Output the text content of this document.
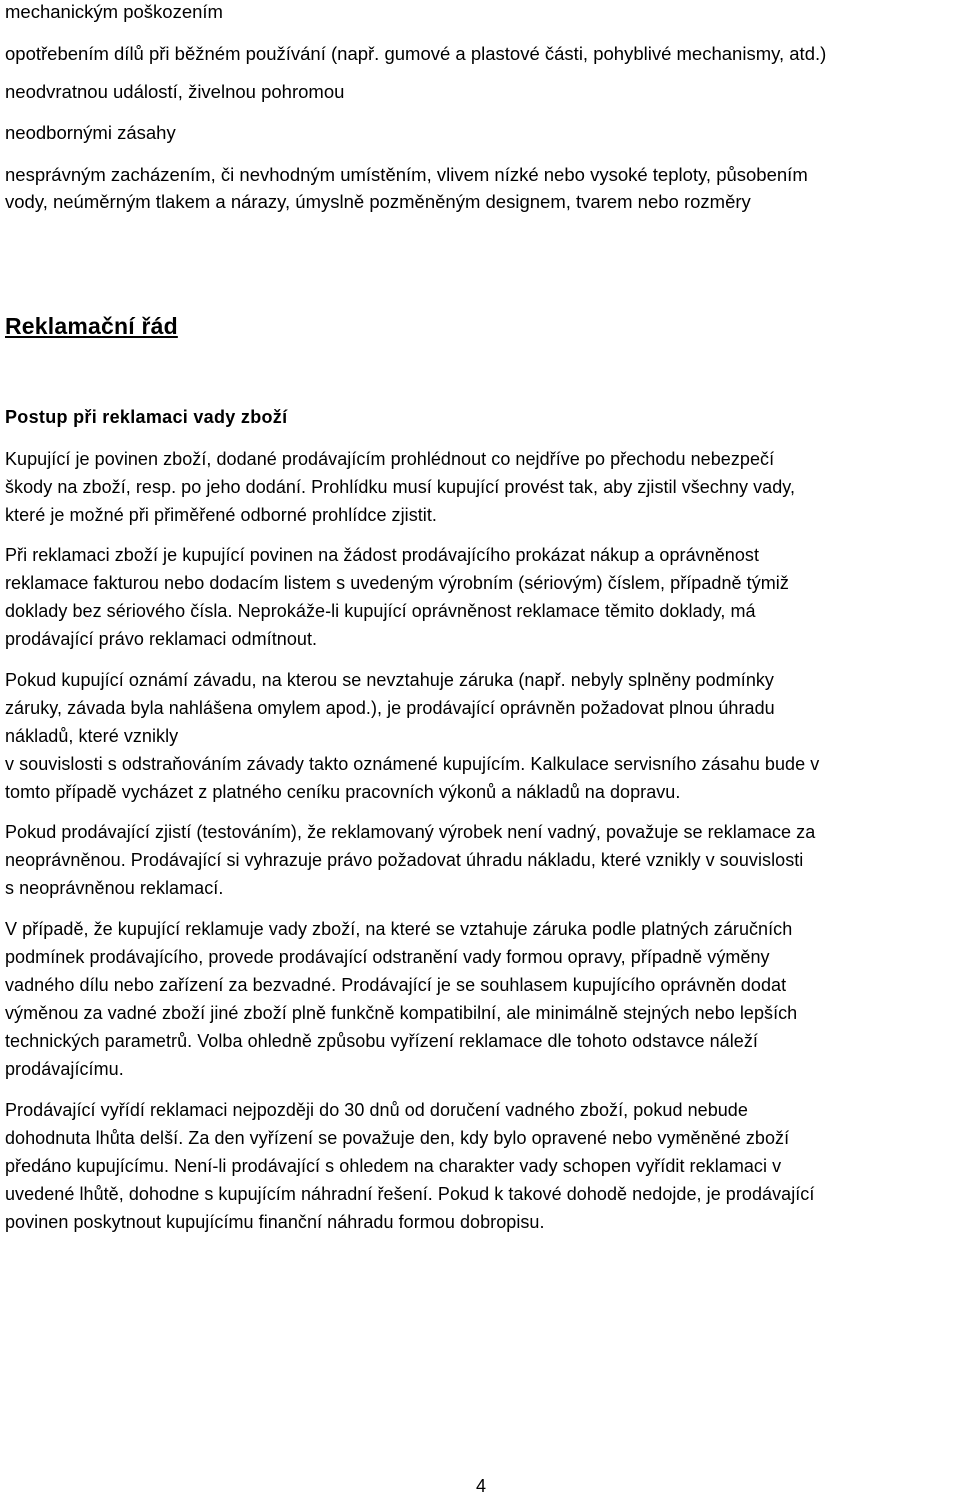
mechanickým poškozením
opotřebením dílů při běžném používání (např. gumové a plastové části, pohyblivé mechanismy, atd.)
neodvratnou událostí, živelnou pohromou
neodbornými zásahy
nesprávným zacházením, či nevhodným umístěním, vlivem nízké nebo vysoké teploty, působením
vody, neúměrným tlakem a nárazy, úmyslně pozměněným designem, tvarem nebo rozměry
Reklamační řád
Postup při reklamaci vady zboží
Kupující je povinen zboží, dodané prodávajícím prohlédnout co nejdříve po přechodu nebezpečí
škody na zboží, resp. po jeho dodání. Prohlídku musí kupující provést tak, aby zjistil všechny vady,
které je možné při přiměřené odborné prohlídce zjistit.
Při reklamaci zboží je kupující povinen na žádost prodávajícího prokázat nákup a oprávněnost
reklamace fakturou nebo dodacím listem s uvedeným výrobním (sériovým) číslem, případně týmiž
doklady bez sériového čísla. Neprokáže-li kupující oprávněnost reklamace těmito doklady, má
prodávající právo reklamaci odmítnout.
Pokud kupující oznámí závadu, na kterou se nevztahuje záruka (např. nebyly splněny podmínky
záruky, závada byla nahlášena omylem apod.), je prodávající oprávněn požadovat plnou úhradu
nákladů, které vznikly
v souvislosti s odstraňováním závady takto oznámené kupujícím. Kalkulace servisního zásahu bude v
tomto případě vycházet z platného ceníku pracovních výkonů a nákladů na dopravu.
Pokud prodávající zjistí (testováním), že reklamovaný výrobek není vadný, považuje se reklamace za
neoprávněnou. Prodávající si vyhrazuje právo požadovat úhradu nákladu, které vznikly v souvislosti
s neoprávněnou reklamací.
V případě, že kupující reklamuje vady zboží, na které se vztahuje záruka podle platných záručních
podmínek prodávajícího, provede prodávající odstranění vady formou opravy, případně výměny
vadného dílu nebo zařízení za bezvadné. Prodávající je se souhlasem kupujícího oprávněn dodat
výměnou za vadné zboží jiné zboží plně funkčně kompatibilní, ale minimálně stejných nebo lepších
technických parametrů. Volba ohledně způsobu vyřízení reklamace dle tohoto odstavce náleží
prodávajícímu.
Prodávající vyřídí reklamaci nejpozději do 30 dnů od doručení vadného zboží, pokud nebude
dohodnuta lhůta delší. Za den vyřízení se považuje den, kdy bylo opravené nebo vyměněné zboží
předáno kupujícímu. Není-li prodávající s ohledem na charakter vady schopen vyřídit reklamaci v
uvedené lhůtě, dohodne s kupujícím náhradní řešení. Pokud k takové dohodě nedojde, je prodávající
povinen poskytnout kupujícímu finanční náhradu formou dobropisu.
4
